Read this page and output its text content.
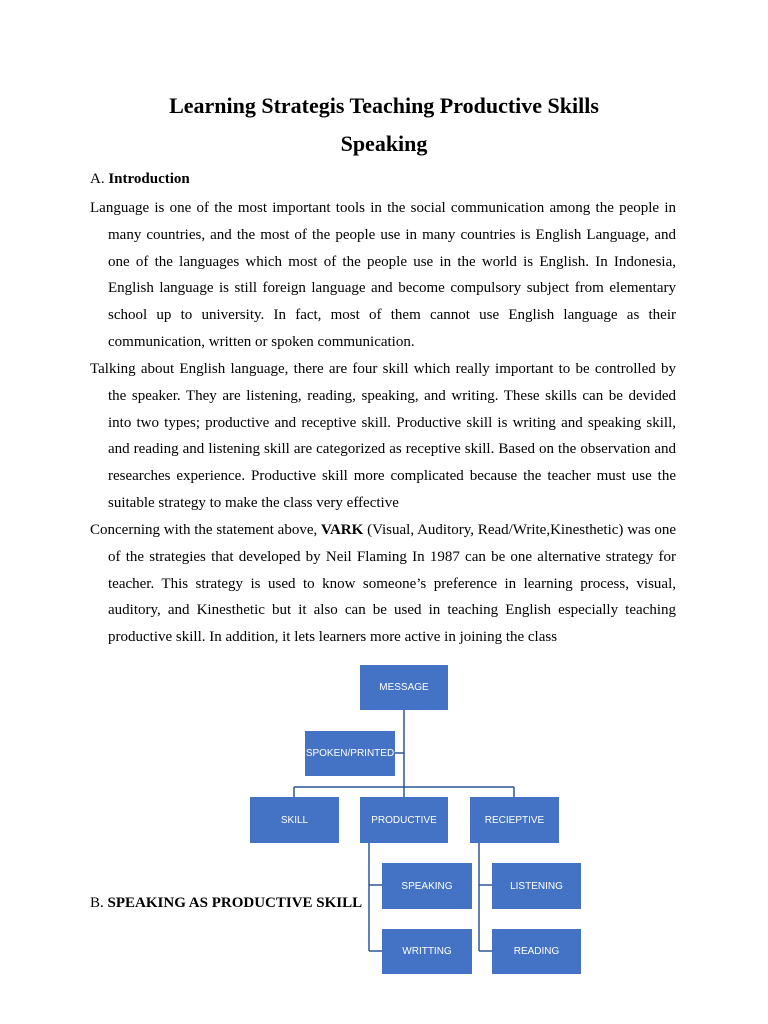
Learning Strategis Teaching Productive Skills
Speaking
A. Introduction

Language is one of the most important tools in the social communication among the people in many countries, and the most of the people use in many countries is English Language, and one of the languages which most of the people use in the world is English. In Indonesia, English language is still foreign language and become compulsory subject from elementary school up to university. In fact, most of them cannot use English language as their communication, written or spoken communication.

Talking about English language, there are four skill which really important to be controlled by the speaker. They are listening, reading, speaking, and writing. These skills can be devided into two types; productive and receptive skill. Productive skill is writing and speaking skill, and reading and listening skill are categorized as receptive skill. Based on the observation and researches experience. Productive skill more complicated because the teacher must use the suitable strategy to make the class very effective

Concerning with the statement above, VARK (Visual, Auditory, Read/Write,Kinesthetic) was one of the strategies that developed by Neil Flaming In 1987 can be one alternative strategy for teacher. This strategy is used to know someone’s preference in learning process, visual, auditory, and Kinesthetic but it also can be used in teaching English especially teaching productive skill. In addition, it lets learners more active in joining the class

MESSAGE
SPOKEN/PRINTED
SKILL	PRODUCTIVE	RECIEPTIVE
SPEAKING	LISTENING
WRITTING	READING
B. SPEAKING AS PRODUCTIVE SKILL
